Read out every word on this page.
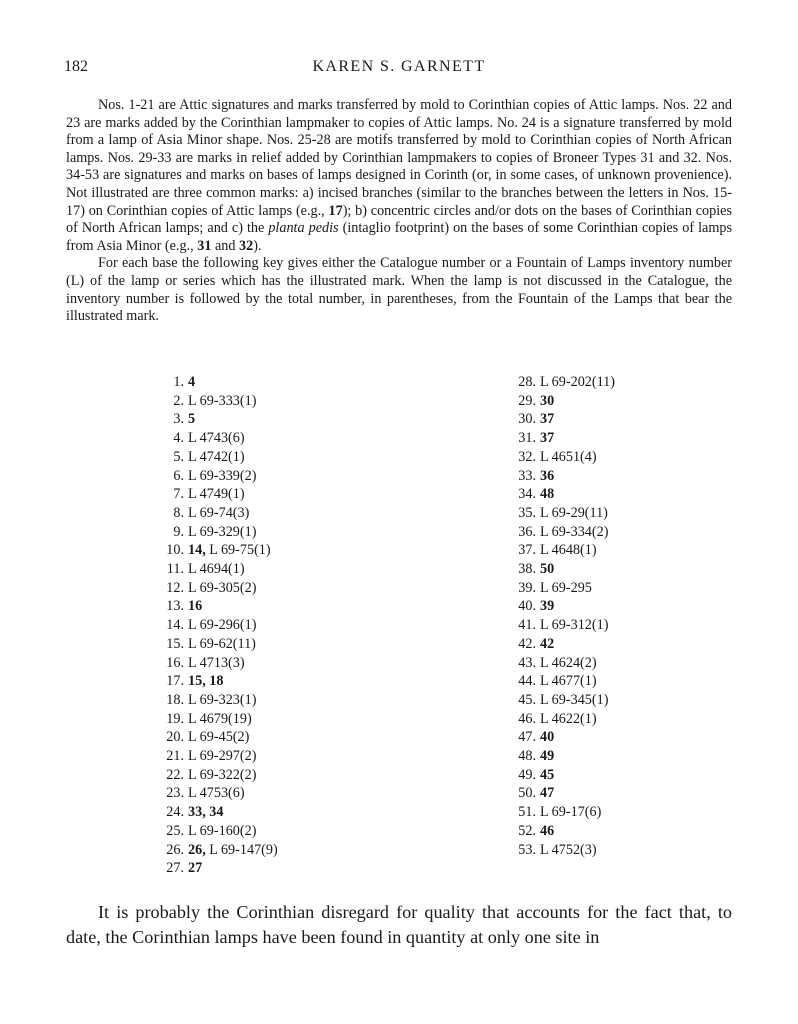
182	KAREN S. GARNETT

Nos. 1-21 are Attic signatures and marks transferred by mold to Corinthian copies of Attic lamps. Nos. 22 and 23 are marks added by the Corinthian lampmaker to copies of Attic lamps. No. 24 is a signature transferred by mold from a lamp of Asia Minor shape. Nos. 25-28 are motifs transferred by mold to Corinthian copies of North African lamps. Nos. 29-33 are marks in relief added by Corinthian lampmakers to copies of Broneer Types 31 and 32. Nos. 34-53 are signatures and marks on bases of lamps designed in Corinth (or, in some cases, of unknown provenience). Not illustrated are three common marks: a) incised branches (similar to the branches between the letters in Nos. 15-17) on Corinthian copies of Attic lamps (e.g., 17); b) concentric circles and/or dots on the bases of Corinthian copies of North African lamps; and c) the planta pedis (intaglio footprint) on the bases of some Corinthian copies of lamps from Asia Minor (e.g., 31 and 32).

For each base the following key gives either the Catalogue number or a Fountain of Lamps inventory number (L) of the lamp or series which has the illustrated mark. When the lamp is not discussed in the Catalogue, the inventory number is followed by the total number, in parentheses, from the Fountain of the Lamps that bear the illustrated mark.

1. 4
2. L 69-333(1)
3. 5
4. L 4743(6)
5. L 4742(1)
6. L 69-339(2)
7. L 4749(1)
8. L 69-74(3)
9. L 69-329(1)
10. 14, L 69-75(1)
11. L 4694(1)
12. L 69-305(2)
13. 16
14. L 69-296(1)
15. L 69-62(11)
16. L 4713(3)
17. 15, 18
18. L 69-323(1)
19. L 4679(19)
20. L 69-45(2)
21. L 69-297(2)
22. L 69-322(2)
23. L 4753(6)
24. 33, 34
25. L 69-160(2)
26. 26, L 69-147(9)
27. 27
28. L 69-202(11)
29. 30
30. 37
31. 37
32. L 4651(4)
33. 36
34. 48
35. L 69-29(11)
36. L 69-334(2)
37. L 4648(1)
38. 50
39. L 69-295
40. 39
41. L 69-312(1)
42. 42
43. L 4624(2)
44. L 4677(1)
45. L 69-345(1)
46. L 4622(1)
47. 40
48. 49
49. 45
50. 47
51. L 69-17(6)
52. 46
53. L 4752(3)
It is probably the Corinthian disregard for quality that accounts for the fact that, to date, the Corinthian lamps have been found in quantity at only one site in
